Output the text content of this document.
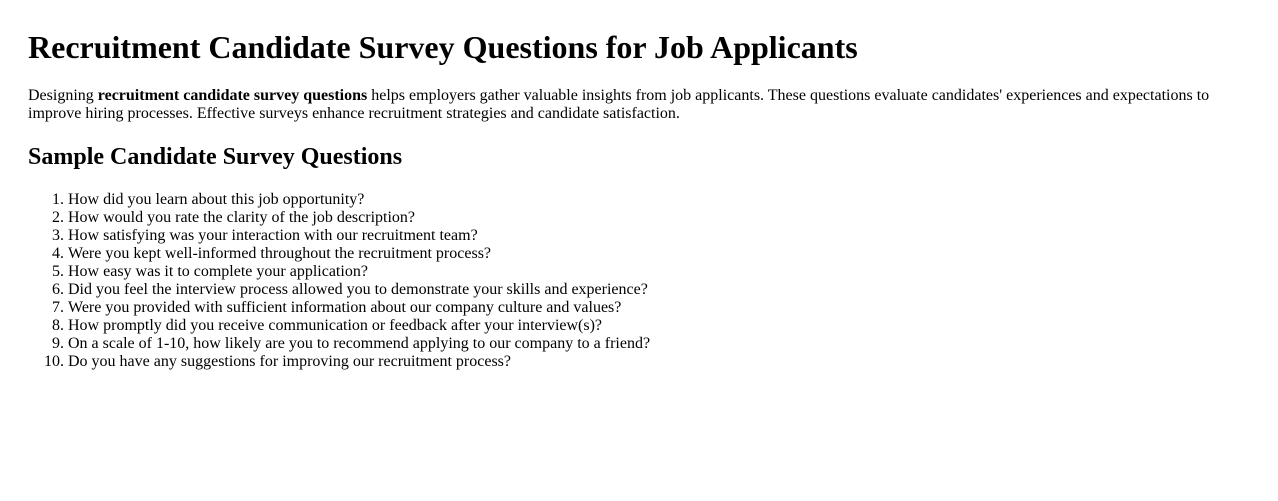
Recruitment Candidate Survey Questions for Job Applicants

Designing recruitment candidate survey questions helps employers gather valuable insights from job applicants. These questions evaluate candidates' experiences and expectations to improve hiring processes. Effective surveys enhance recruitment strategies and candidate satisfaction.

Sample Candidate Survey Questions
1. How did you learn about this job opportunity?
2. How would you rate the clarity of the job description?
3. How satisfying was your interaction with our recruitment team?
4. Were you kept well-informed throughout the recruitment process?
5. How easy was it to complete your application?
6. Did you feel the interview process allowed you to demonstrate your skills and experience?
7. Were you provided with sufficient information about our company culture and values?
8. How promptly did you receive communication or feedback after your interview(s)?
9. On a scale of 1-10, how likely are you to recommend applying to our company to a friend?
10. Do you have any suggestions for improving our recruitment process?
